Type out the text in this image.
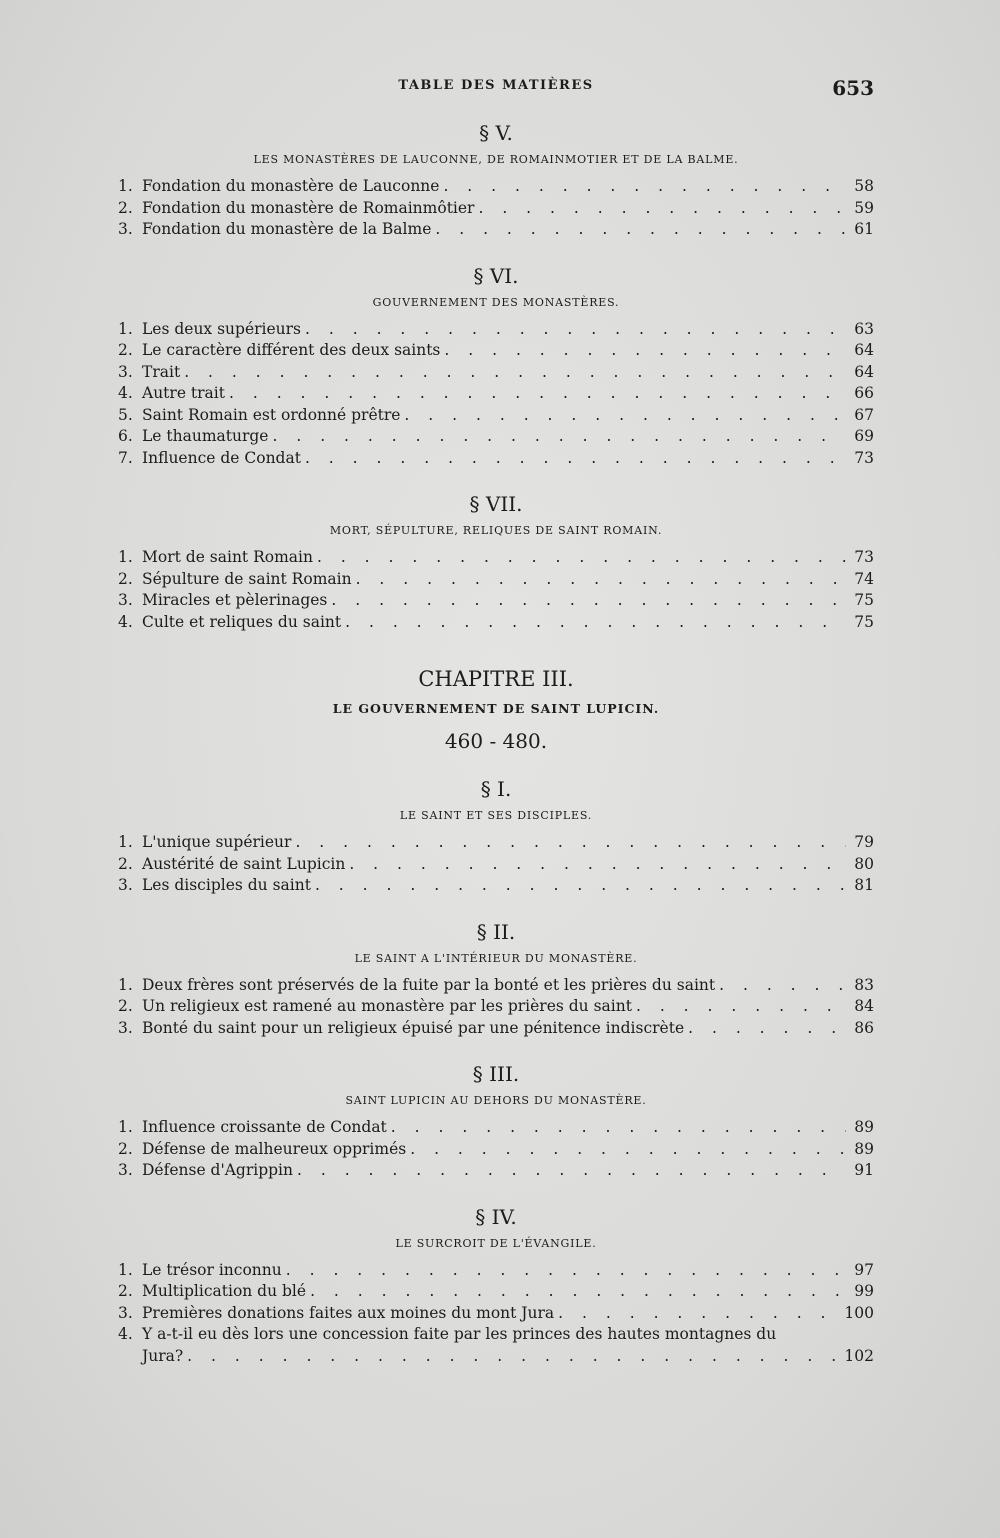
TABLE DES MATIÈRES	653
§ V.
LES MONASTÈRES DE LAUCONNE, DE ROMAINMOTIER ET DE LA BALME.
1. Fondation du monastère de Lauconne . . .	58
2. Fondation du monastère de Romainmôtier . . .	59
3. Fondation du monastère de la Balme . . .	61
§ VI.
GOUVERNEMENT DES MONASTÈRES.
1. Les deux supérieurs . . .	63
2. Le caractère différent des deux saints . . .	64
3. Trait . . .	64
4. Autre trait . . .	66
5. Saint Romain est ordonné prêtre . . .	67
6. Le thaumaturge . . .	69
7. Influence de Condat . . .	73
§ VII.
MORT, SÉPULTURE, RELIQUES DE SAINT ROMAIN.
1. Mort de saint Romain . . .	73
2. Sépulture de saint Romain . . .	74
3. Miracles et pèlerinages . . .	75
4. Culte et reliques du saint . . .	75
CHAPITRE III.
LE GOUVERNEMENT DE SAINT LUPICIN.
460 - 480.
§ I.
LE SAINT ET SES DISCIPLES.
1. L'unique supérieur . . .	79
2. Austérité de saint Lupicin . . .	80
3. Les disciples du saint . . .	81
§ II.
LE SAINT A L'INTÉRIEUR DU MONASTÈRE.
1. Deux frères sont préservés de la fuite par la bonté et les prières du saint . . .	83
2. Un religieux est ramené au monastère par les prières du saint . . .	84
3. Bonté du saint pour un religieux épuisé par une pénitence indiscrète . . .	86
§ III.
SAINT LUPICIN AU DEHORS DU MONASTÈRE.
1. Influence croissante de Condat . . .	89
2. Défense de malheureux opprimés . . .	89
3. Défense d'Agrippin . . .	91
§ IV.
LE SURCROIT DE L'ÉVANGILE.
1. Le trésor inconnu . . .	97
2. Multiplication du blé . . .	99
3. Premières donations faites aux moines du mont Jura . . .	100
4. Y a-t-il eu dès lors une concession faite par les princes des hautes montagnes du
Jura? . . .	102
